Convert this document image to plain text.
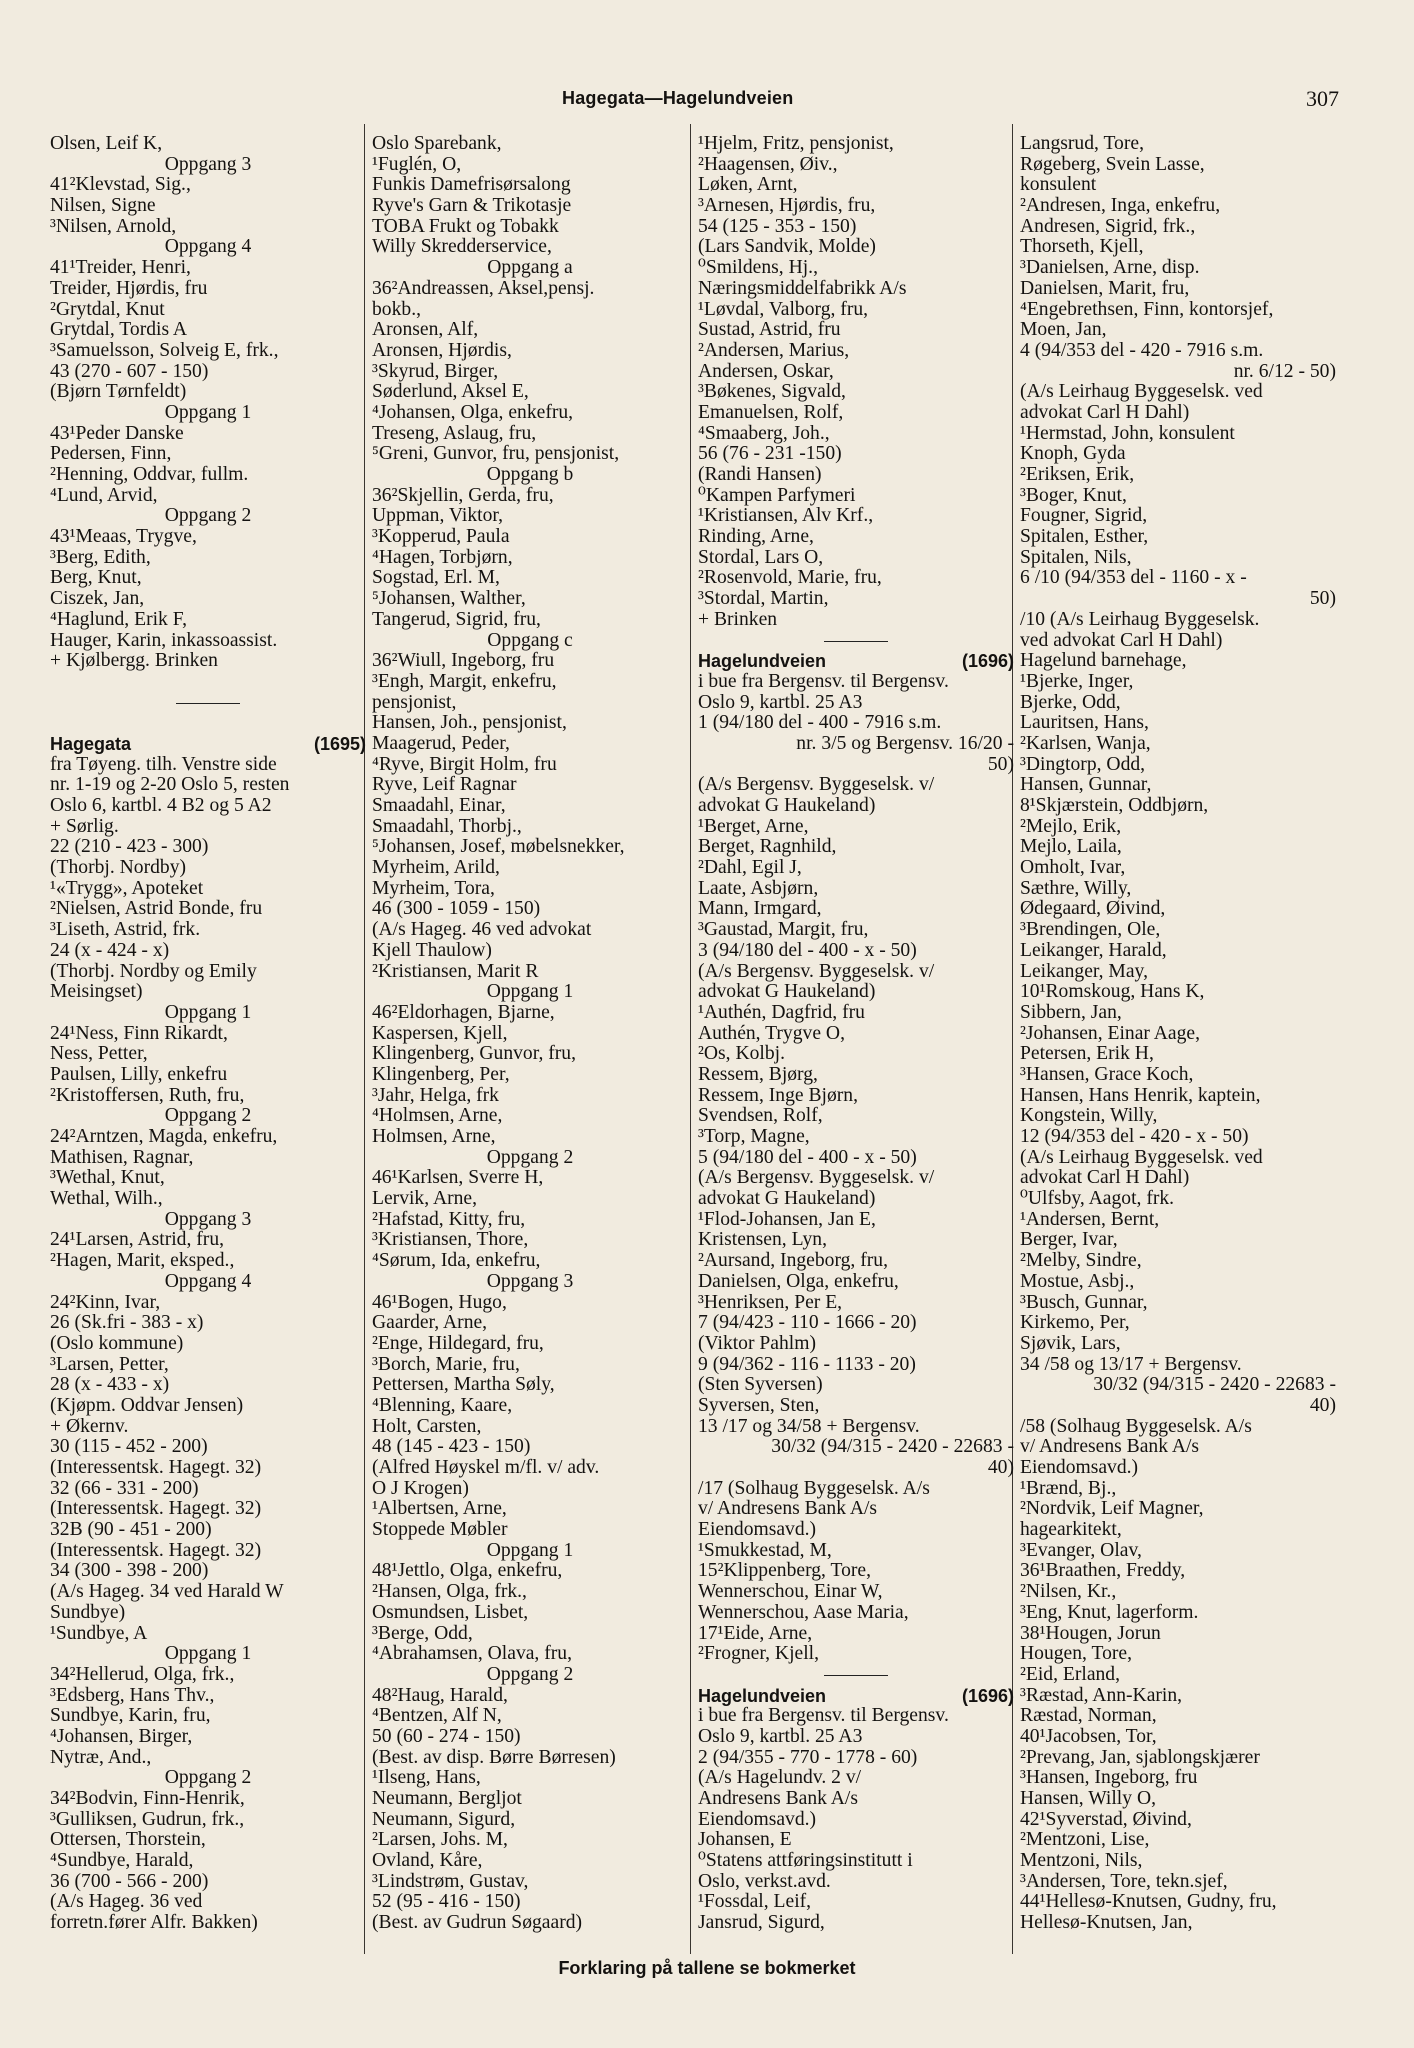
Hagegata—Hagelundveien	307
Olsen, Leif K,
Oppgang 3
41²Klevstad, Sig.,
Nilsen, Signe
³Nilsen, Arnold,
Oppgang 4
41¹Treider, Henri,
Treider, Hjørdis, fru
²Grytdal, Knut
Grytdal, Tordis A
³Samuelsson, Solveig E, frk.,
43 (270 - 607 - 150)
(Bjørn Tørnfeldt)
Oppgang 1
43¹Peder Danske
Pedersen, Finn,
²Henning, Oddvar, fullm.
⁴Lund, Arvid,
Oppgang 2
43¹Meaas, Trygve,
³Berg, Edith,
Berg, Knut,
Ciszek, Jan,
⁴Haglund, Erik F,
Hauger, Karin, inkassoassist.
+ Kjølbergg. Brinken
Hagegata	(1695)
fra Tøyeng. tilh. Venstre side
nr. 1-19 og 2-20 Oslo 5, resten
Oslo 6, kartbl. 4 B2 og 5 A2
+ Sørlig.
22 (210 - 423 - 300)
(Thorbj. Nordby)
¹«Trygg», Apoteket
²Nielsen, Astrid Bonde, fru
³Liseth, Astrid, frk.
24 (x - 424 - x)
(Thorbj. Nordby og Emily
Meisingset)
Oppgang 1
24¹Ness, Finn Rikardt,
Ness, Petter,
Paulsen, Lilly, enkefru
²Kristoffersen, Ruth, fru,
Oppgang 2
24²Arntzen, Magda, enkefru,
Mathisen, Ragnar,
³Wethal, Knut,
Wethal, Wilh.,
Oppgang 3
24¹Larsen, Astrid, fru,
²Hagen, Marit, eksped.,
Oppgang 4
24²Kinn, Ivar,
26 (Sk.fri - 383 - x)
(Oslo kommune)
³Larsen, Petter,
28 (x - 433 - x)
(Kjøpm. Oddvar Jensen)
+ Økernv.
30 (115 - 452 - 200)
(Interessentsk. Hagegt. 32)
32 (66 - 331 - 200)
(Interessentsk. Hagegt. 32)
32B (90 - 451 - 200)
(Interessentsk. Hagegt. 32)
34 (300 - 398 - 200)
(A/s Hageg. 34 ved Harald W
Sundbye)
¹Sundbye, A
Oppgang 1
34²Hellerud, Olga, frk.,
³Edsberg, Hans Thv.,
Sundbye, Karin, fru,
⁴Johansen, Birger,
Nytræ, And.,
Oppgang 2
34²Bodvin, Finn-Henrik,
³Gulliksen, Gudrun, frk.,
Ottersen, Thorstein,
⁴Sundbye, Harald,
36 (700 - 566 - 200)
(A/s Hageg. 36 ved
forretn.fører Alfr. Bakken)
Oslo Sparebank,
¹Fuglén, O,
Funkis Damefrisørsalong
Ryve's Garn & Trikotasje
TOBA Frukt og Tobakk
Willy Skredderservice,
Oppgang a
36²Andreassen, Aksel,pensj.
bokb.,
Aronsen, Alf,
Aronsen, Hjørdis,
³Skyrud, Birger,
Søderlund, Aksel E,
⁴Johansen, Olga, enkefru,
Treseng, Aslaug, fru,
⁵Greni, Gunvor, fru, pensjonist,
Oppgang b
36²Skjellin, Gerda, fru,
Uppman, Viktor,
³Kopperud, Paula
⁴Hagen, Torbjørn,
Sogstad, Erl. M,
⁵Johansen, Walther,
Tangerud, Sigrid, fru,
Oppgang c
36²Wiull, Ingeborg, fru
³Engh, Margit, enkefru,
pensjonist,
Hansen, Joh., pensjonist,
Maagerud, Peder,
⁴Ryve, Birgit Holm, fru
Ryve, Leif Ragnar
Smaadahl, Einar,
Smaadahl, Thorbj.,
⁵Johansen, Josef, møbelsnekker,
Myrheim, Arild,
Myrheim, Tora,
46 (300 - 1059 - 150)
(A/s Hageg. 46 ved advokat
Kjell Thaulow)
²Kristiansen, Marit R
Oppgang 1
46²Eldorhagen, Bjarne,
Kaspersen, Kjell,
Klingenberg, Gunvor, fru,
Klingenberg, Per,
³Jahr, Helga, frk
⁴Holmsen, Arne,
Holmsen, Arne,
Oppgang 2
46¹Karlsen, Sverre H,
Lervik, Arne,
²Hafstad, Kitty, fru,
³Kristiansen, Thore,
⁴Sørum, Ida, enkefru,
Oppgang 3
46¹Bogen, Hugo,
Gaarder, Arne,
²Enge, Hildegard, fru,
³Borch, Marie, fru,
Pettersen, Martha Søly,
⁴Blenning, Kaare,
Holt, Carsten,
48 (145 - 423 - 150)
(Alfred Høyskel m/fl. v/ adv.
O J Krogen)
¹Albertsen, Arne,
Stoppede Møbler
Oppgang 1
48¹Jettlo, Olga, enkefru,
²Hansen, Olga, frk.,
Osmundsen, Lisbet,
³Berge, Odd,
⁴Abrahamsen, Olava, fru,
Oppgang 2
48²Haug, Harald,
⁴Bentzen, Alf N,
50 (60 - 274 - 150)
(Best. av disp. Børre Børresen)
¹Ilseng, Hans,
Neumann, Bergljot
Neumann, Sigurd,
²Larsen, Johs. M,
Ovland, Kåre,
³Lindstrøm, Gustav,
52 (95 - 416 - 150)
(Best. av Gudrun Søgaard)
¹Hjelm, Fritz, pensjonist,
²Haagensen, Øiv.,
Løken, Arnt,
³Arnesen, Hjørdis, fru,
54 (125 - 353 - 150)
(Lars Sandvik, Molde)
⁰Smildens, Hj.,
Næringsmiddelfabrikk A/s
¹Løvdal, Valborg, fru,
Sustad, Astrid, fru
²Andersen, Marius,
Andersen, Oskar,
³Bøkenes, Sigvald,
Emanuelsen, Rolf,
⁴Smaaberg, Joh.,
56 (76 - 231 -150)
(Randi Hansen)
⁰Kampen Parfymeri
¹Kristiansen, Alv Krf.,
Rinding, Arne,
Stordal, Lars O,
²Rosenvold, Marie, fru,
³Stordal, Martin,
+ Brinken
Hagelundveien	(1696)
i bue fra Bergensv. til Bergensv.
Oslo 9, kartbl. 25 A3
1 (94/180 del - 400 - 7916 s.m.
nr. 3/5 og Bergensv. 16/20 -
50)
(A/s Bergensv. Byggeselsk. v/
advokat G Haukeland)
¹Berget, Arne,
Berget, Ragnhild,
²Dahl, Egil J,
Laate, Asbjørn,
Mann, Irmgard,
³Gaustad, Margit, fru,
3 (94/180 del - 400 - x - 50)
(A/s Bergensv. Byggeselsk. v/
advokat G Haukeland)
¹Authén, Dagfrid, fru
Authén, Trygve O,
²Os, Kolbj.
Ressem, Bjørg,
Ressem, Inge Bjørn,
Svendsen, Rolf,
³Torp, Magne,
5 (94/180 del - 400 - x - 50)
(A/s Bergensv. Byggeselsk. v/
advokat G Haukeland)
¹Flod-Johansen, Jan E,
Kristensen, Lyn,
²Aursand, Ingeborg, fru,
Danielsen, Olga, enkefru,
³Henriksen, Per E,
7 (94/423 - 110 - 1666 - 20)
(Viktor Pahlm)
9 (94/362 - 116 - 1133 - 20)
(Sten Syversen)
Syversen, Sten,
13 /17 og 34/58 + Bergensv.
30/32 (94/315 - 2420 - 22683 -
40)
/17 (Solhaug Byggeselsk. A/s
v/ Andresens Bank A/s
Eiendomsavd.)
¹Smukkestad, M,
15²Klippenberg, Tore,
Wennerschou, Einar W,
Wennerschou, Aase Maria,
17¹Eide, Arne,
²Frogner, Kjell,
Hagelundveien	(1696)
i bue fra Bergensv. til Bergensv.
Oslo 9, kartbl. 25 A3
2 (94/355 - 770 - 1778 - 60)
(A/s Hagelundv. 2 v/
Andresens Bank A/s
Eiendomsavd.)
Johansen, E
⁰Statens attføringsinstitutt i
Oslo, verkst.avd.
¹Fossdal, Leif,
Jansrud, Sigurd,
Langsrud, Tore,
Røgeberg, Svein Lasse,
konsulent
²Andresen, Inga, enkefru,
Andresen, Sigrid, frk.,
Thorseth, Kjell,
³Danielsen, Arne, disp.
Danielsen, Marit, fru,
⁴Engebrethsen, Finn, kontorsjef,
Moen, Jan,
4 (94/353 del - 420 - 7916 s.m.
nr. 6/12 - 50)
(A/s Leirhaug Byggeselsk. ved
advokat Carl H Dahl)
¹Hermstad, John, konsulent
Knoph, Gyda
²Eriksen, Erik,
³Boger, Knut,
Fougner, Sigrid,
Spitalen, Esther,
Spitalen, Nils,
6 /10 (94/353 del - 1160 - x -
50)
/10 (A/s Leirhaug Byggeselsk.
ved advokat Carl H Dahl)
Hagelund barnehage,
¹Bjerke, Inger,
Bjerke, Odd,
Lauritsen, Hans,
²Karlsen, Wanja,
³Dingtorp, Odd,
Hansen, Gunnar,
8¹Skjærstein, Oddbjørn,
²Mejlo, Erik,
Mejlo, Laila,
Omholt, Ivar,
Sæthre, Willy,
Ødegaard, Øivind,
³Brendingen, Ole,
Leikanger, Harald,
Leikanger, May,
10¹Romskoug, Hans K,
Sibbern, Jan,
²Johansen, Einar Aage,
Petersen, Erik H,
³Hansen, Grace Koch,
Hansen, Hans Henrik, kaptein,
Kongstein, Willy,
12 (94/353 del - 420 - x - 50)
(A/s Leirhaug Byggeselsk. ved
advokat Carl H Dahl)
⁰Ulfsby, Aagot, frk.
¹Andersen, Bernt,
Berger, Ivar,
²Melby, Sindre,
Mostue, Asbj.,
³Busch, Gunnar,
Kirkemo, Per,
Sjøvik, Lars,
34 /58 og 13/17 + Bergensv.
30/32 (94/315 - 2420 - 22683 -
40)
/58 (Solhaug Byggeselsk. A/s
v/ Andresens Bank A/s
Eiendomsavd.)
¹Brænd, Bj.,
²Nordvik, Leif Magner,
hagearkitekt,
³Evanger, Olav,
36¹Braathen, Freddy,
²Nilsen, Kr.,
³Eng, Knut, lagerform.
38¹Hougen, Jorun
Hougen, Tore,
²Eid, Erland,
³Ræstad, Ann-Karin,
Ræstad, Norman,
40¹Jacobsen, Tor,
²Prevang, Jan, sjablongskjærer
³Hansen, Ingeborg, fru
Hansen, Willy O,
42¹Syverstad, Øivind,
²Mentzoni, Lise,
Mentzoni, Nils,
³Andersen, Tore, tekn.sjef,
44¹Hellesø-Knutsen, Gudny, fru,
Hellesø-Knutsen, Jan,
Forklaring på tallene se bokmerket
